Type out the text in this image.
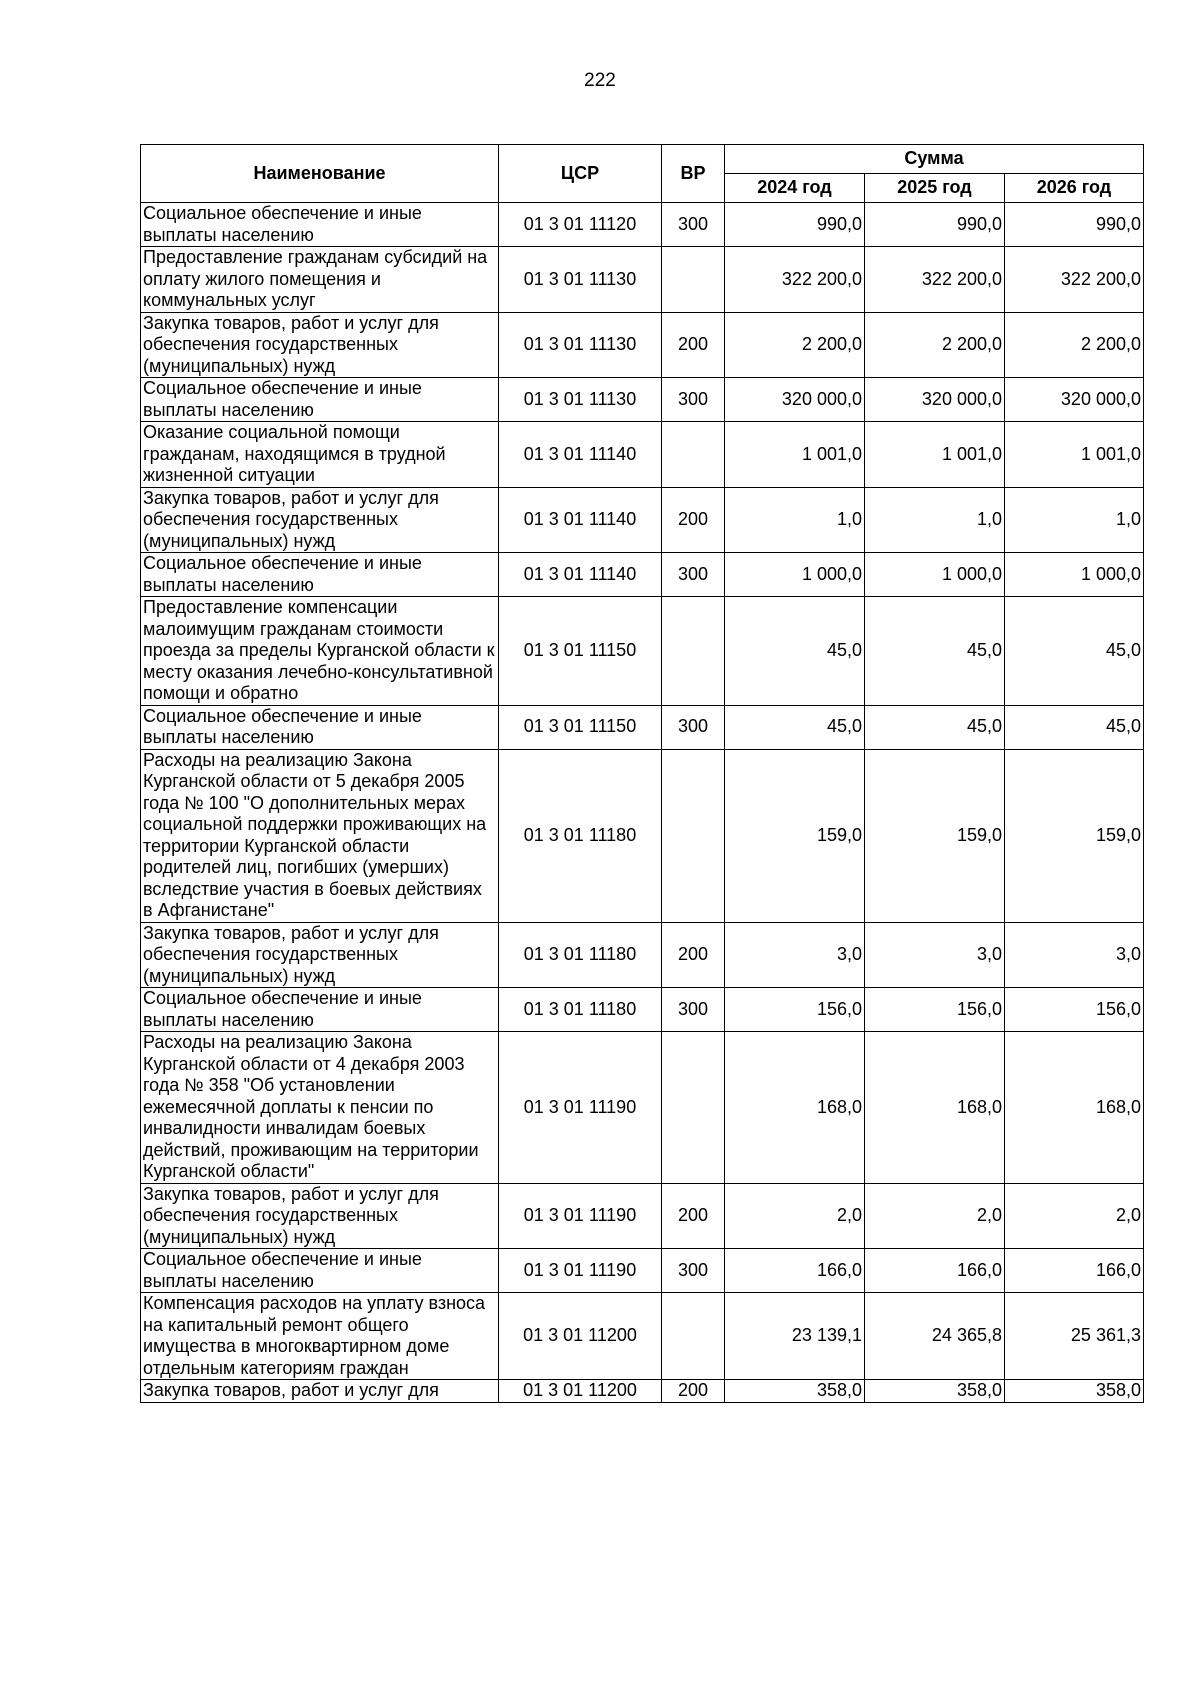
222
Наименование	ЦСР	ВР	Сумма		
			2024 год	2025 год	2026 год
Социальное обеспечение и иные выплаты населению	01 3 01 11120	300	990,0	990,0	990,0
Предоставление гражданам субсидий на оплату жилого помещения и коммунальных услуг	01 3 01 11130		322 200,0	322 200,0	322 200,0
Закупка товаров, работ и услуг для обеспечения государственных (муниципальных) нужд	01 3 01 11130	200	2 200,0	2 200,0	2 200,0
Социальное обеспечение и иные выплаты населению	01 3 01 11130	300	320 000,0	320 000,0	320 000,0
Оказание социальной помощи гражданам, находящимся в трудной жизненной ситуации	01 3 01 11140		1 001,0	1 001,0	1 001,0
Закупка товаров, работ и услуг для обеспечения государственных (муниципальных) нужд	01 3 01 11140	200	1,0	1,0	1,0
Социальное обеспечение и иные выплаты населению	01 3 01 11140	300	1 000,0	1 000,0	1 000,0
Предоставление компенсации малоимущим гражданам стоимости проезда за пределы Курганской области к месту оказания лечебно-консультативной помощи и обратно	01 3 01 11150		45,0	45,0	45,0
Социальное обеспечение и иные выплаты населению	01 3 01 11150	300	45,0	45,0	45,0
Расходы на реализацию Закона Курганской области от 5 декабря 2005 года № 100 "О дополнительных мерах социальной поддержки проживающих на территории Курганской области родителей лиц, погибших (умерших) вследствие участия в боевых действиях в Афганистане"	01 3 01 11180		159,0	159,0	159,0
Закупка товаров, работ и услуг для обеспечения государственных (муниципальных) нужд	01 3 01 11180	200	3,0	3,0	3,0
Социальное обеспечение и иные выплаты населению	01 3 01 11180	300	156,0	156,0	156,0
Расходы на реализацию Закона Курганской области от 4 декабря 2003 года № 358 "Об установлении ежемесячной доплаты к пенсии по инвалидности инвалидам боевых действий, проживающим на территории Курганской области"	01 3 01 11190		168,0	168,0	168,0
Закупка товаров, работ и услуг для обеспечения государственных (муниципальных) нужд	01 3 01 11190	200	2,0	2,0	2,0
Социальное обеспечение и иные выплаты населению	01 3 01 11190	300	166,0	166,0	166,0
Компенсация расходов на уплату взноса на капитальный ремонт общего имущества в многоквартирном доме отдельным категориям граждан	01 3 01 11200		23 139,1	24 365,8	25 361,3
Закупка товаров, работ и услуг для	01 3 01 11200	200	358,0	358,0	358,0
